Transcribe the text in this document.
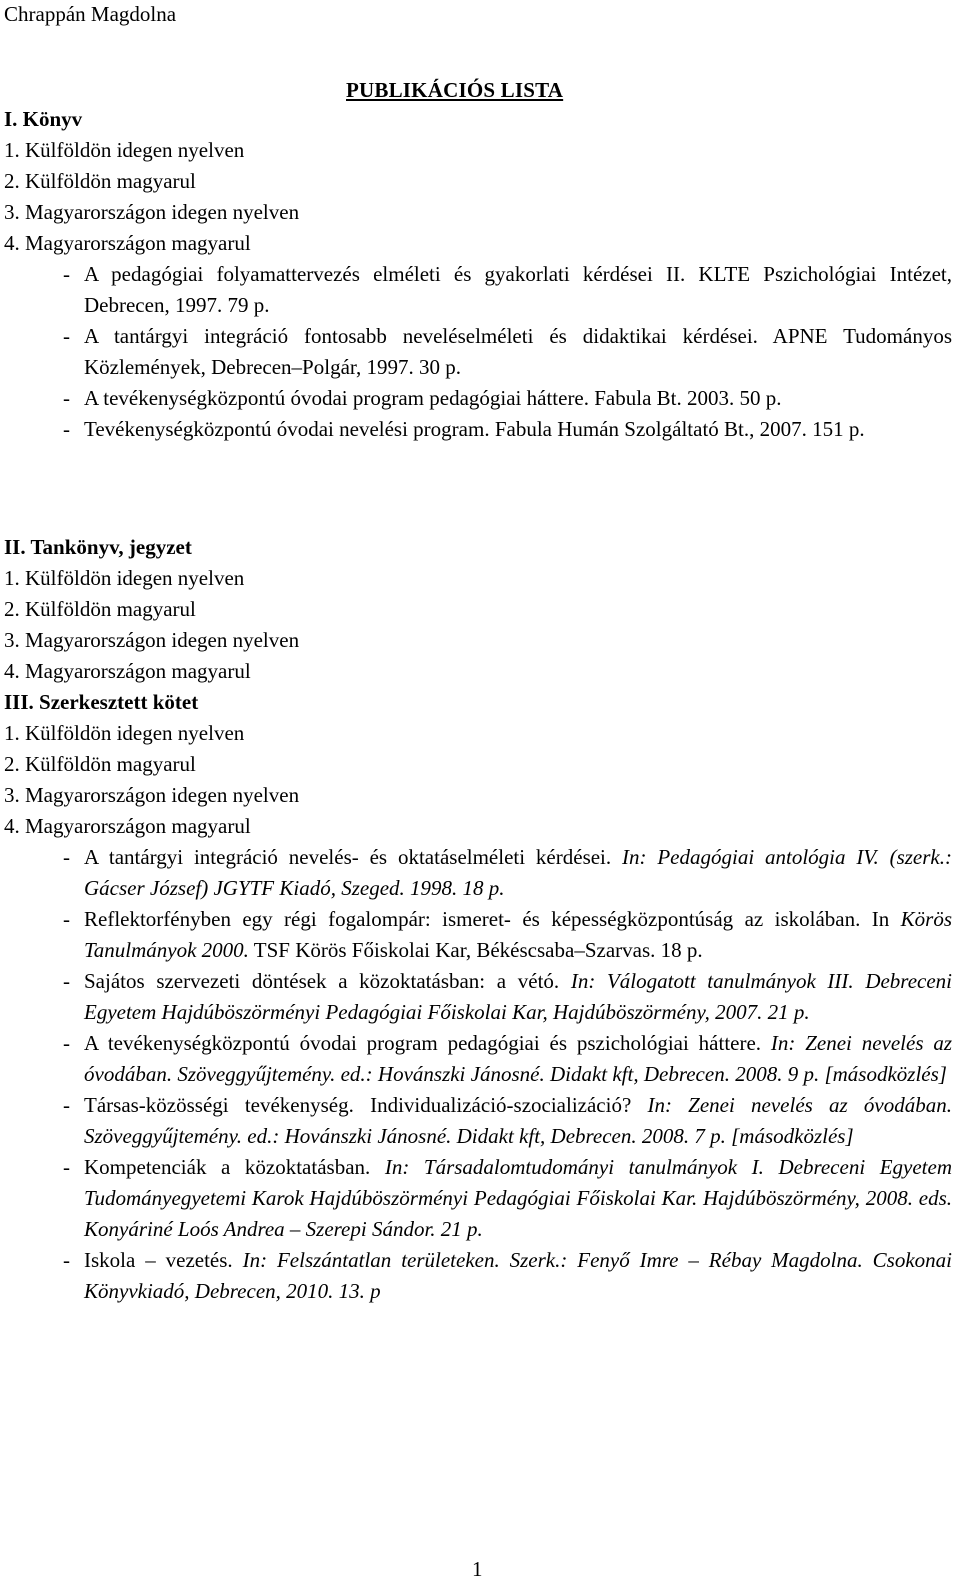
Chrappán Magdolna
PUBLIKÁCIÓS LISTA
I. Könyv
1. Külföldön idegen nyelven
2. Külföldön magyarul
3. Magyarországon idegen nyelven
4. Magyarországon magyarul
- A pedagógiai folyamattervezés elméleti és gyakorlati kérdései II. KLTE Pszichológiai Intézet, Debrecen, 1997. 79 p.
- A tantárgyi integráció fontosabb neveléselméleti és didaktikai kérdései. APNE Tudományos Közlemények, Debrecen–Polgár, 1997. 30 p.
- A tevékenységközpontú óvodai program pedagógiai háttere. Fabula Bt. 2003. 50 p.
- Tevékenységközpontú óvodai nevelési program. Fabula Humán Szolgáltató Bt., 2007. 151 p.
II. Tankönyv, jegyzet
1. Külföldön idegen nyelven
2. Külföldön magyarul
3. Magyarországon idegen nyelven
4. Magyarországon magyarul
III. Szerkesztett kötet
1. Külföldön idegen nyelven
2. Külföldön magyarul
3. Magyarországon idegen nyelven
4. Magyarországon magyarul
- A tantárgyi integráció nevelés- és oktatáselméleti kérdései. In: Pedagógiai antológia IV. (szerk.: Gácser József) JGYTF Kiadó, Szeged. 1998. 18 p.
- Reflektorfényben egy régi fogalompár: ismeret- és képességközpontúság az iskolában. In Körös Tanulmányok 2000. TSF Körös Főiskolai Kar, Békéscsaba–Szarvas. 18 p.
- Sajátos szervezeti döntések a közoktatásban: a vétó. In: Válogatott tanulmányok III. Debreceni Egyetem Hajdúböszörményi Pedagógiai Főiskolai Kar, Hajdúböszörmény, 2007. 21 p.
- A tevékenységközpontú óvodai program pedagógiai és pszichológiai háttere. In: Zenei nevelés az óvodában. Szöveggyűjtemény. ed.: Hovánszki Jánosné. Didakt kft, Debrecen. 2008. 9 p. [másodközlés]
- Társas-közösségi tevékenység. Individualizáció-szocializáció? In: Zenei nevelés az óvodában. Szöveggyűjtemény. ed.: Hovánszki Jánosné. Didakt kft, Debrecen. 2008. 7 p. [másodközlés]
- Kompetenciák a közoktatásban. In: Társadalomtudományi tanulmányok I. Debreceni Egyetem Tudományegyetemi Karok Hajdúböszörményi Pedagógiai Főiskolai Kar. Hajdúböszörmény, 2008. eds. Konyáriné Loós Andrea – Szerepi Sándor. 21 p.
- Iskola – vezetés. In: Felszántatlan területeken. Szerk.: Fenyő Imre – Rébay Magdolna. Csokonai Könyvkiadó, Debrecen, 2010. 13. p
1
